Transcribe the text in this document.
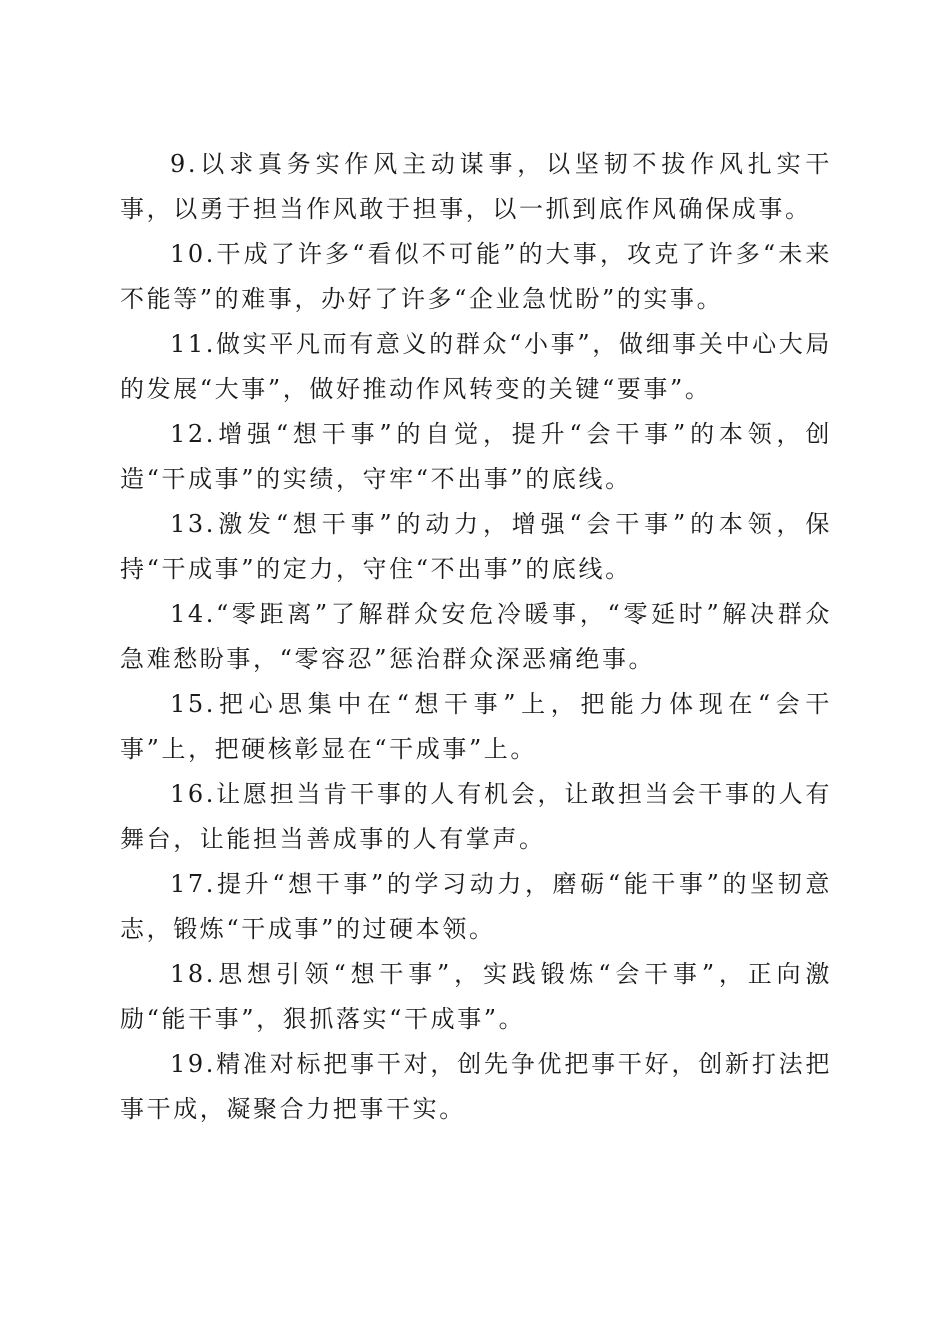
9.以求真务实作风主动谋事，以坚韧不拔作风扎实干事，以勇于担当作风敢于担事，以一抓到底作风确保成事。

10.干成了许多“看似不可能”的大事，攻克了许多“未来不能等”的难事，办好了许多“企业急忧盼”的实事。

11.做实平凡而有意义的群众“小事”，做细事关中心大局的发展“大事”，做好推动作风转变的关键“要事”。

12.增强“想干事”的自觉，提升“会干事”的本领，创造“干成事”的实绩，守牢“不出事”的底线。

13.激发“想干事”的动力，增强“会干事”的本领，保持“干成事”的定力，守住“不出事”的底线。

14.“零距离”了解群众安危冷暖事，“零延时”解决群众急难愁盼事，“零容忍”惩治群众深恶痛绝事。

15.把心思集中在“想干事”上，把能力体现在“会干事”上，把硬核彰显在“干成事”上。

16.让愿担当肯干事的人有机会，让敢担当会干事的人有舞台，让能担当善成事的人有掌声。

17.提升“想干事”的学习动力，磨砺“能干事”的坚韧意志，锻炼“干成事”的过硬本领。

18.思想引领“想干事”，实践锻炼“会干事”，正向激励“能干事”，狠抓落实“干成事”。

19.精准对标把事干对，创先争优把事干好，创新打法把事干成，凝聚合力把事干实。
